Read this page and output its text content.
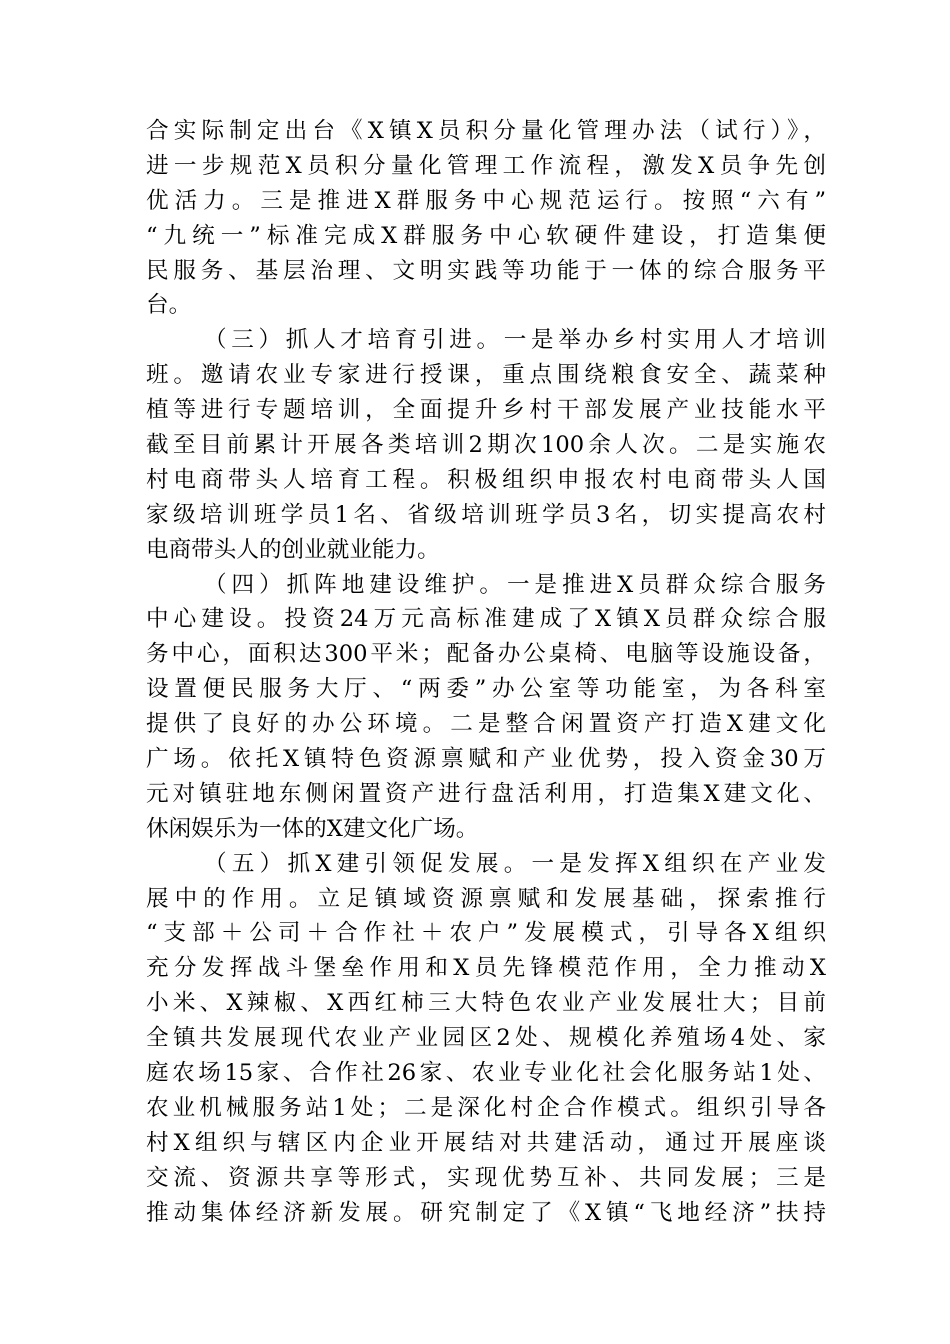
合实际制定出台《X镇X员积分量化管理办法（试行）》，
进一步规范X员积分量化管理工作流程，激发X员争先创
优活力。三是推进X群服务中心规范运行。按照“六有”
“九统一”标准完成X群服务中心软硬件建设，打造集便
民服务、基层治理、文明实践等功能于一体的综合服务平
台。
（三）抓人才培育引进。一是举办乡村实用人才培训
班。邀请农业专家进行授课，重点围绕粮食安全、蔬菜种
植等进行专题培训，全面提升乡村干部发展产业技能水平
截至目前累计开展各类培训2期次100余人次。二是实施农
村电商带头人培育工程。积极组织申报农村电商带头人国
家级培训班学员1名、省级培训班学员3名，切实提高农村
电商带头人的创业就业能力。
（四）抓阵地建设维护。一是推进X员群众综合服务
中心建设。投资24万元高标准建成了X镇X员群众综合服
务中心，面积达300平米；配备办公桌椅、电脑等设施设备，
设置便民服务大厅、“两委”办公室等功能室，为各科室
提供了良好的办公环境。二是整合闲置资产打造X建文化
广场。依托X镇特色资源禀赋和产业优势，投入资金30万
元对镇驻地东侧闲置资产进行盘活利用，打造集X建文化、
休闲娱乐为一体的X建文化广场。
（五）抓X建引领促发展。一是发挥X组织在产业发
展中的作用。立足镇域资源禀赋和发展基础，探索推行
“支部＋公司＋合作社＋农户”发展模式，引导各X组织
充分发挥战斗堡垒作用和X员先锋模范作用，全力推动X
小米、X辣椒、X西红柿三大特色农业产业发展壮大；目前
全镇共发展现代农业产业园区2处、规模化养殖场4处、家
庭农场15家、合作社26家、农业专业化社会化服务站1处、
农业机械服务站1处；二是深化村企合作模式。组织引导各
村X组织与辖区内企业开展结对共建活动，通过开展座谈
交流、资源共享等形式，实现优势互补、共同发展；三是
推动集体经济新发展。研究制定了《X镇“飞地经济”扶持
